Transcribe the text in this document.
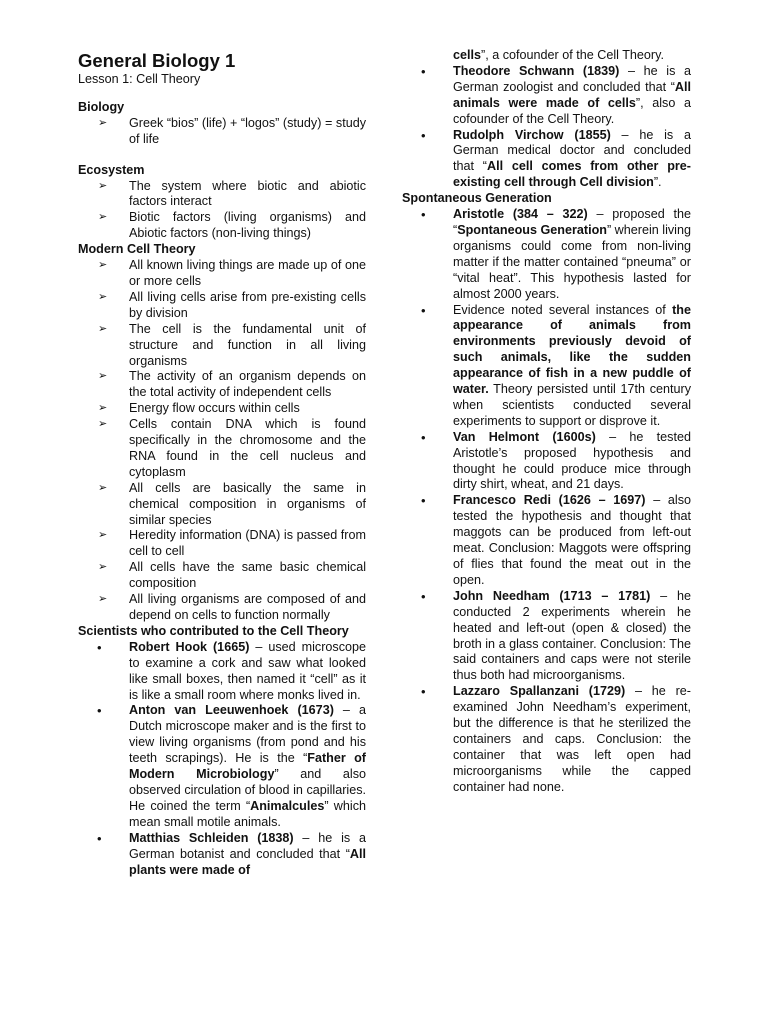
General Biology 1

Lesson 1: Cell Theory

Biology

➢ Greek “bios” (life) + “logos” (study) = study of life

Ecosystem

➢ The system where biotic and abiotic factors interact
➢ Biotic factors (living organisms) and Abiotic factors (non-living things)

Modern Cell Theory

➢ All known living things are made up of one or more cells
➢ All living cells arise from pre-existing cells by division
➢ The cell is the fundamental unit of structure and function in all living organisms
➢ The activity of an organism depends on the total activity of independent cells
➢ Energy flow occurs within cells
➢ Cells contain DNA which is found specifically in the chromosome and the RNA found in the cell nucleus and cytoplasm
➢ All cells are basically the same in chemical composition in organisms of similar species
➢ Heredity information (DNA) is passed from cell to cell
➢ All cells have the same basic chemical composition
➢ All living organisms are composed of and depend on cells to function normally

Scientists who contributed to the Cell Theory

• Robert Hook (1665) – used microscope to examine a cork and saw what looked like small boxes, then named it “cell” as it is like a small room where monks lived in.
• Anton van Leeuwenhoek (1673) – a Dutch microscope maker and is the first to view living organisms (from pond and his teeth scrapings). He is the “Father of Modern Microbiology” and also observed circulation of blood in capillaries. He coined the term “Animalcules” which mean small motile animals.
• Matthias Schleiden (1838) – he is a German botanist and concluded that “All plants were made of

cells”, a cofounder of the Cell Theory.

• Theodore Schwann (1839) – he is a German zoologist and concluded that “All animals were made of cells”, also a cofounder of the Cell Theory.
• Rudolph Virchow (1855) – he is a German medical doctor and concluded that “All cell comes from other pre-existing cell through Cell division”.

Spontaneous Generation

• Aristotle (384 – 322) – proposed the “Spontaneous Generation” wherein living organisms could come from non-living matter if the matter contained “pneuma” or “vital heat”. This hypothesis lasted for almost 2000 years.
• Evidence noted several instances of the appearance of animals from environments previously devoid of such animals, like the sudden appearance of fish in a new puddle of water. Theory persisted until 17th century when scientists conducted several experiments to support or disprove it.
• Van Helmont (1600s) – he tested Aristotle’s proposed hypothesis and thought he could produce mice through dirty shirt, wheat, and 21 days.
• Francesco Redi (1626 – 1697) – also tested the hypothesis and thought that maggots can be produced from left-out meat. Conclusion: Maggots were offspring of flies that found the meat out in the open.
• John Needham (1713 – 1781) – he conducted 2 experiments wherein he heated and left-out (open & closed) the broth in a glass container. Conclusion: The said containers and caps were not sterile thus both had microorganisms.
• Lazzaro Spallanzani (1729) – he re-examined John Needham’s experiment, but the difference is that he sterilized the containers and caps. Conclusion: the container that was left open had microorganisms while the capped container had none.
